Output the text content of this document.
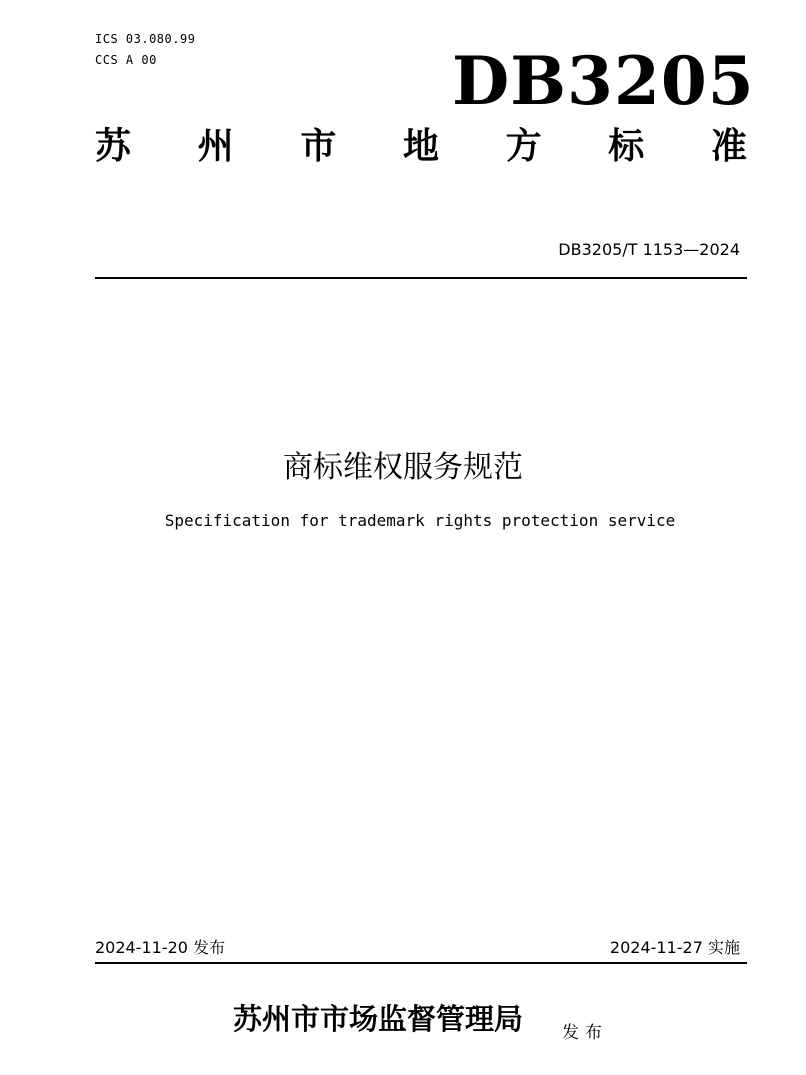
ICS 03.080.99
CCS A 00	DB3205
苏 州 市 地 方 标 准
DB3205/T 1153—2024
商标维权服务规范
Specification for trademark rights protection service
2024-11-20 发布	2024-11-27 实施
苏州市市场监督管理局 发布
